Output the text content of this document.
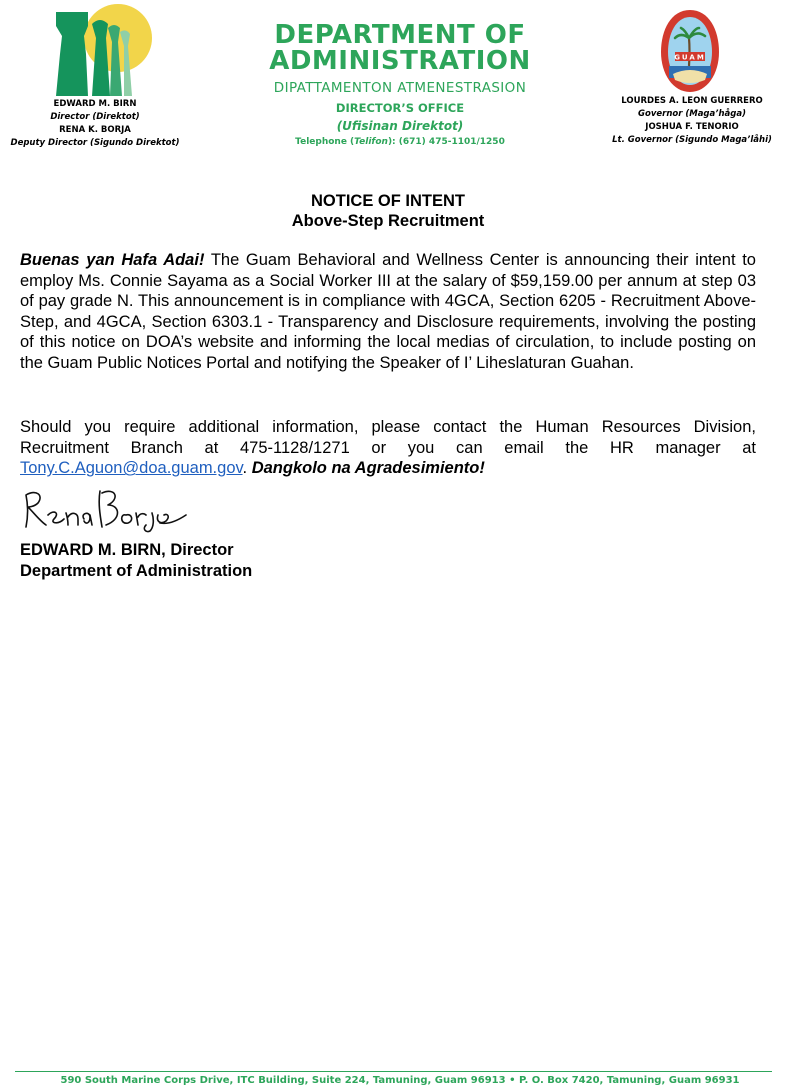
EDWARD M. BIRN
Director (Direktot)
RENA K. BORJA
Deputy Director (Sigundo Direktot)
DEPARTMENT OF
ADMINISTRATION
DIPATTAMENTON ATMENESTRASION
DIRECTOR’S OFFICE
(Ufisinan Direktot)
Telephone (Telifon): (671) 475-1101/1250
GUAM
LOURDES A. LEON GUERRERO
Governor (Maga’håga)
JOSHUA F. TENORIO
Lt. Governor (Sigundo Maga’låhi)
NOTICE OF INTENT
Above-Step Recruitment
Buenas yan Hafa Adai! The Guam Behavioral and Wellness Center is announcing their intent to employ Ms. Connie Sayama as a Social Worker III at the salary of $59,159.00 per annum at step 03 of pay grade N. This announcement is in compliance with 4GCA, Section 6205 - Recruitment Above-Step, and 4GCA, Section 6303.1 - Transparency and Disclosure requirements, involving the posting of this notice on DOA’s website and informing the local medias of circulation, to include posting on the Guam Public Notices Portal and notifying the Speaker of I’ Liheslaturan Guahan.
Should you require additional information, please contact the Human Resources Division, Recruitment Branch at 475-1128/1271 or you can email the HR manager at Tony.C.Aguon@doa.guam.gov. Dangkolo na Agradesimiento!
EDWARD M. BIRN, Director
Department of Administration
590 South Marine Corps Drive, ITC Building, Suite 224, Tamuning, Guam 96913 • P. O. Box 7420, Tamuning, Guam 96931
